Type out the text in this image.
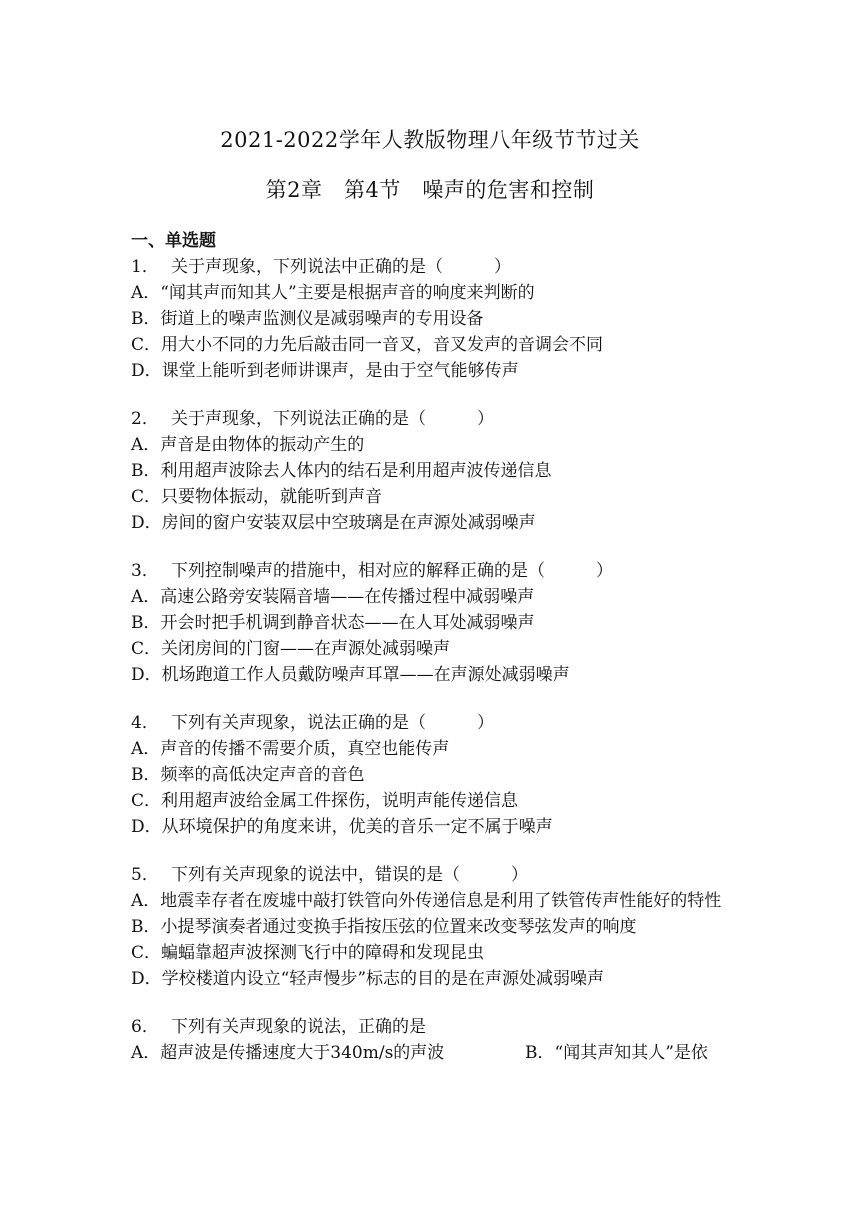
2021-2022学年人教版物理八年级节节过关
第2章　第4节　噪声的危害和控制
一、单选题
1． 关于声现象，下列说法中正确的是（　　　）
A．“闻其声而知其人”主要是根据声音的响度来判断的
B．街道上的噪声监测仪是减弱噪声的专用设备
C．用大小不同的力先后敲击同一音叉，音叉发声的音调会不同
D．课堂上能听到老师讲课声，是由于空气能够传声
2． 关于声现象，下列说法正确的是（　　　）
A．声音是由物体的振动产生的
B．利用超声波除去人体内的结石是利用超声波传递信息
C．只要物体振动，就能听到声音
D．房间的窗户安装双层中空玻璃是在声源处减弱噪声
3． 下列控制噪声的措施中，相对应的解释正确的是（　　　）
A．高速公路旁安装隔音墙——在传播过程中减弱噪声
B．开会时把手机调到静音状态——在人耳处减弱噪声
C．关闭房间的门窗——在声源处减弱噪声
D．机场跑道工作人员戴防噪声耳罩——在声源处减弱噪声
4． 下列有关声现象，说法正确的是（　　　）
A．声音的传播不需要介质，真空也能传声
B．频率的高低决定声音的音色
C．利用超声波给金属工件探伤，说明声能传递信息
D．从环境保护的角度来讲，优美的音乐一定不属于噪声
5． 下列有关声现象的说法中，错误的是（　　　）
A．地震幸存者在废墟中敲打铁管向外传递信息是利用了铁管传声性能好的特性
B．小提琴演奏者通过变换手指按压弦的位置来改变琴弦发声的响度
C．蝙蝠靠超声波探测飞行中的障碍和发现昆虫
D．学校楼道内设立“轻声慢步”标志的目的是在声源处减弱噪声
6． 下列有关声现象的说法，正确的是
A．超声波是传播速度大于340m/s的声波	B．“闻其声知其人”是依
